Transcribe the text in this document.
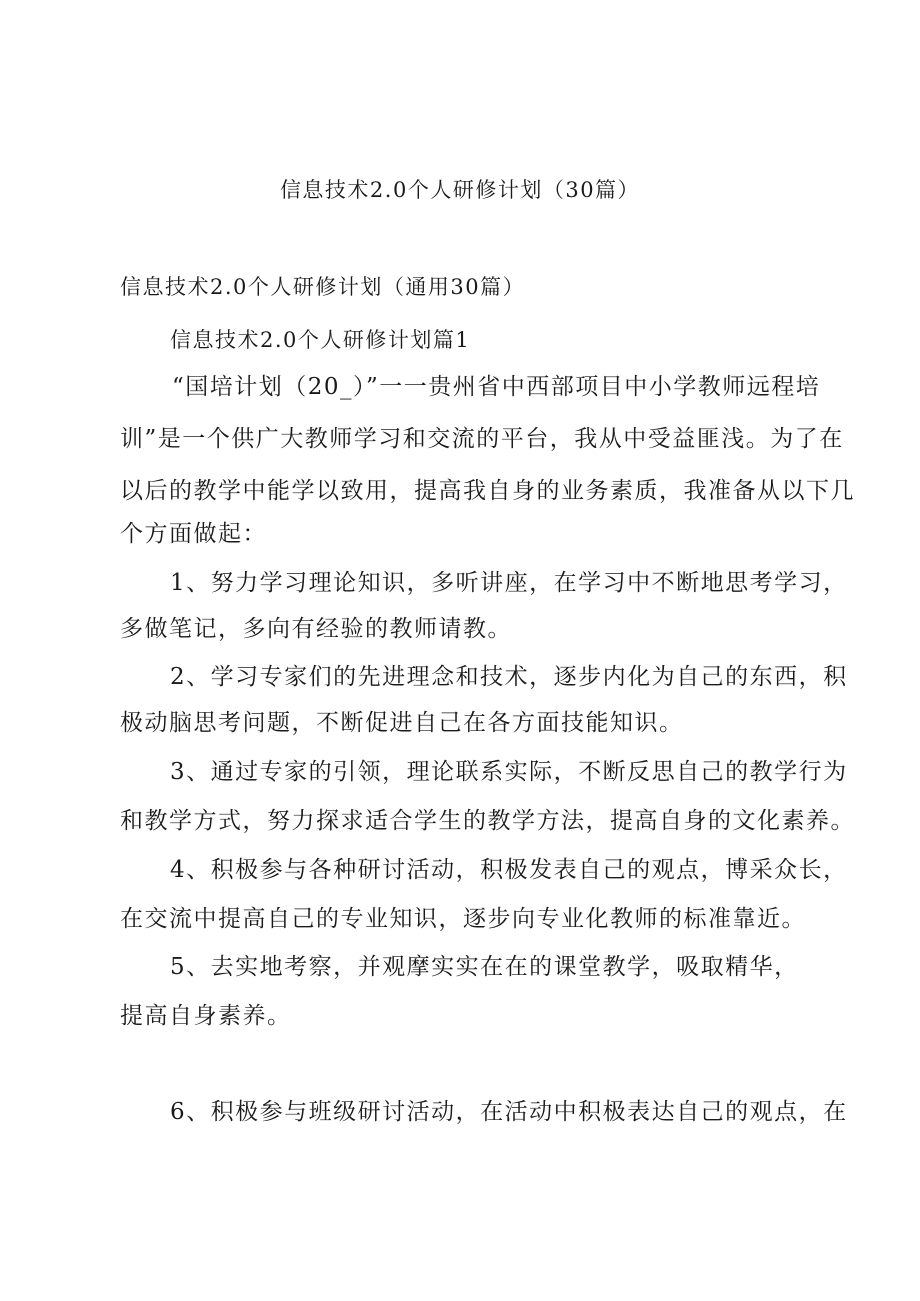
信息技术2.0个人研修计划（30篇）
信息技术2.0个人研修计划（通用30篇）
信息技术2.0个人研修计划篇1
“国培计划（20_）”一一贵州省中西部项目中小学教师远程培
训”是一个供广大教师学习和交流的平台，我从中受益匪浅。为了在
以后的教学中能学以致用，提高我自身的业务素质，我准备从以下几
个方面做起：
1、努力学习理论知识，多听讲座，在学习中不断地思考学习，
多做笔记，多向有经验的教师请教。
2、学习专家们的先进理念和技术，逐步内化为自己的东西，积
极动脑思考问题，不断促进自己在各方面技能知识。
3、通过专家的引领，理论联系实际，不断反思自己的教学行为
和教学方式，努力探求适合学生的教学方法，提高自身的文化素养。
4、积极参与各种研讨活动，积极发表自己的观点，博采众长，
在交流中提高自己的专业知识，逐步向专业化教师的标准靠近。
5、去实地考察，并观摩实实在在的课堂教学，吸取精华，
提高自身素养。
6、积极参与班级研讨活动，在活动中积极表达自己的观点，在
